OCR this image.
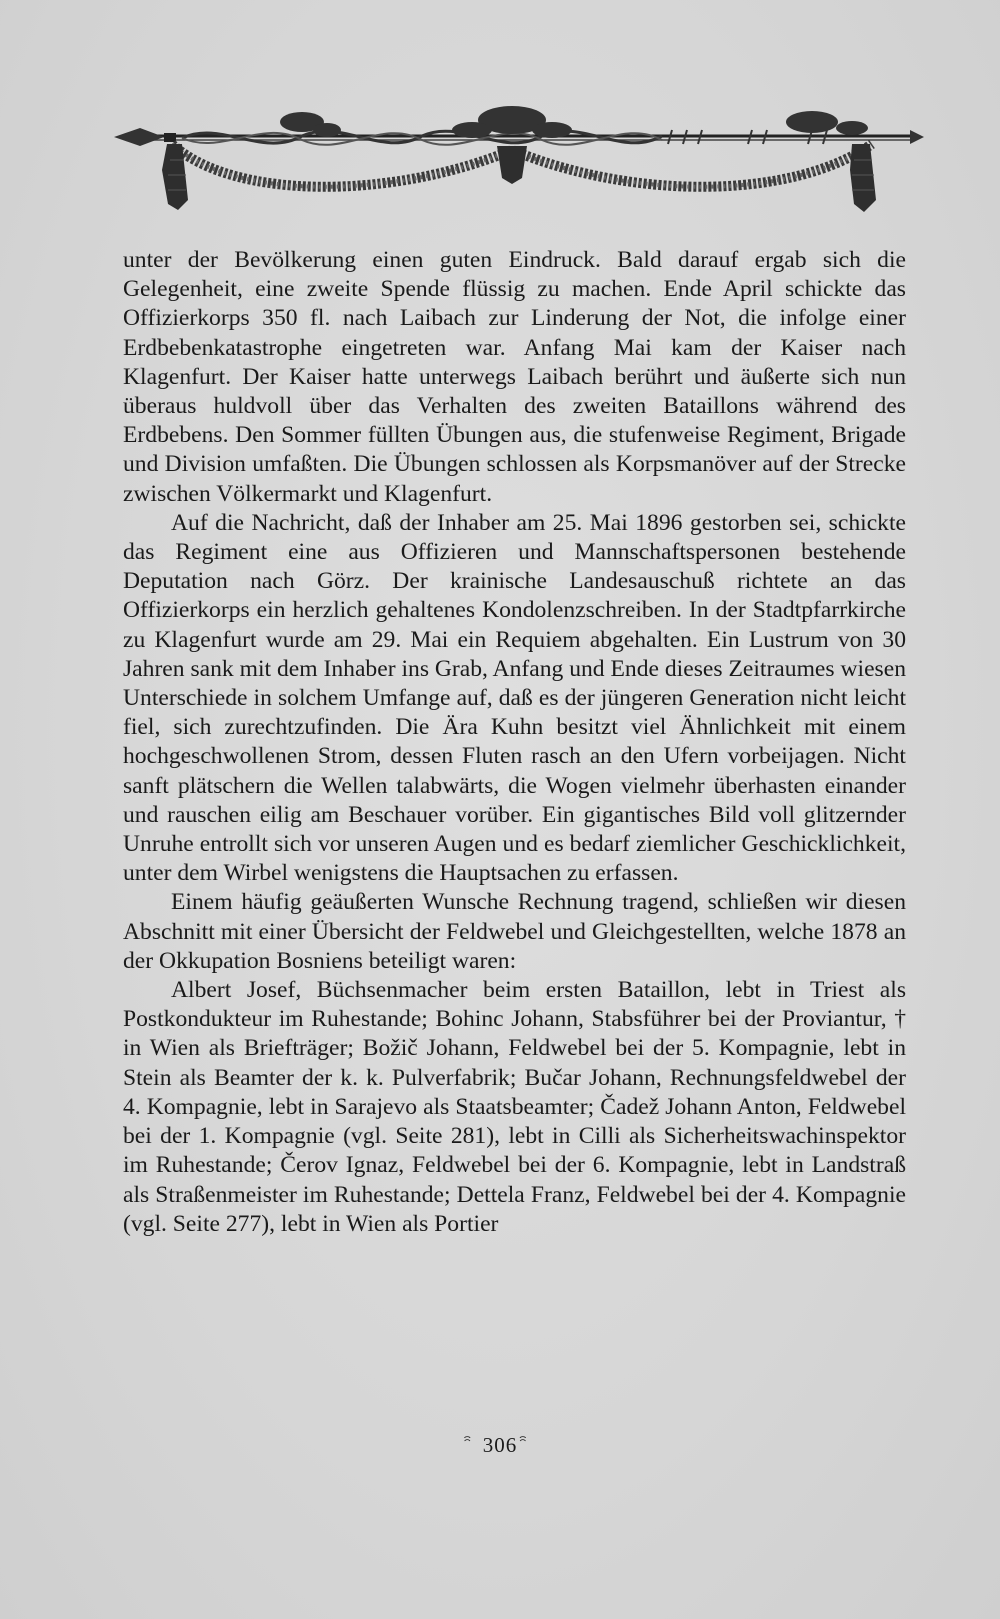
unter der Bevölkerung einen guten Eindruck. Bald darauf ergab sich die Gelegenheit, eine zweite Spende flüssig zu machen. Ende April schickte das Offizierkorps 350 fl. nach Laibach zur Linderung der Not, die infolge einer Erdbebenkatastrophe eingetreten war. Anfang Mai kam der Kaiser nach Klagenfurt. Der Kaiser hatte unterwegs Laibach berührt und äußerte sich nun überaus huldvoll über das Verhalten des zweiten Bataillons während des Erdbebens. Den Sommer füllten Übungen aus, die stufenweise Regiment, Brigade und Division umfaßten. Die Übungen schlossen als Korpsmanöver auf der Strecke zwischen Völkermarkt und Klagenfurt.

Auf die Nachricht, daß der Inhaber am 25. Mai 1896 gestorben sei, schickte das Regiment eine aus Offizieren und Mannschaftspersonen bestehende Deputation nach Görz. Der krainische Landesauschuß richtete an das Offizierkorps ein herzlich gehaltenes Kondolenzschreiben. In der Stadtpfarrkirche zu Klagenfurt wurde am 29. Mai ein Requiem abgehalten. Ein Lustrum von 30 Jahren sank mit dem Inhaber ins Grab, Anfang und Ende dieses Zeitraumes wiesen Unterschiede in solchem Umfange auf, daß es der jüngeren Generation nicht leicht fiel, sich zurechtzufinden. Die Ära Kuhn besitzt viel Ähnlichkeit mit einem hochgeschwollenen Strom, dessen Fluten rasch an den Ufern vorbeijagen. Nicht sanft plätschern die Wellen talabwärts, die Wogen vielmehr überhasten einander und rauschen eilig am Beschauer vorüber. Ein gigantisches Bild voll glitzernder Unruhe entrollt sich vor unseren Augen und es bedarf ziemlicher Geschicklichkeit, unter dem Wirbel wenigstens die Hauptsachen zu erfassen.

Einem häufig geäußerten Wunsche Rechnung tragend, schließen wir diesen Abschnitt mit einer Übersicht der Feldwebel und Gleichgestellten, welche 1878 an der Okkupation Bosniens beteiligt waren:

Albert Josef, Büchsenmacher beim ersten Bataillon, lebt in Triest als Postkondukteur im Ruhestande; Bohinc Johann, Stabsführer bei der Proviantur, † in Wien als Briefträger; Božič Johann, Feldwebel bei der 5. Kompagnie, lebt in Stein als Beamter der k. k. Pulverfabrik; Bučar Johann, Rechnungsfeldwebel der 4. Kompagnie, lebt in Sarajevo als Staatsbeamter; Čadež Johann Anton, Feldwebel bei der 1. Kompagnie (vgl. Seite 281), lebt in Cilli als Sicherheitswachinspektor im Ruhestande; Čerov Ignaz, Feldwebel bei der 6. Kompagnie, lebt in Landstraß als Straßenmeister im Ruhestande; Dettela Franz, Feldwebel bei der 4. Kompagnie (vgl. Seite 277), lebt in Wien als Portier

ꩰ 306 ꩰ
